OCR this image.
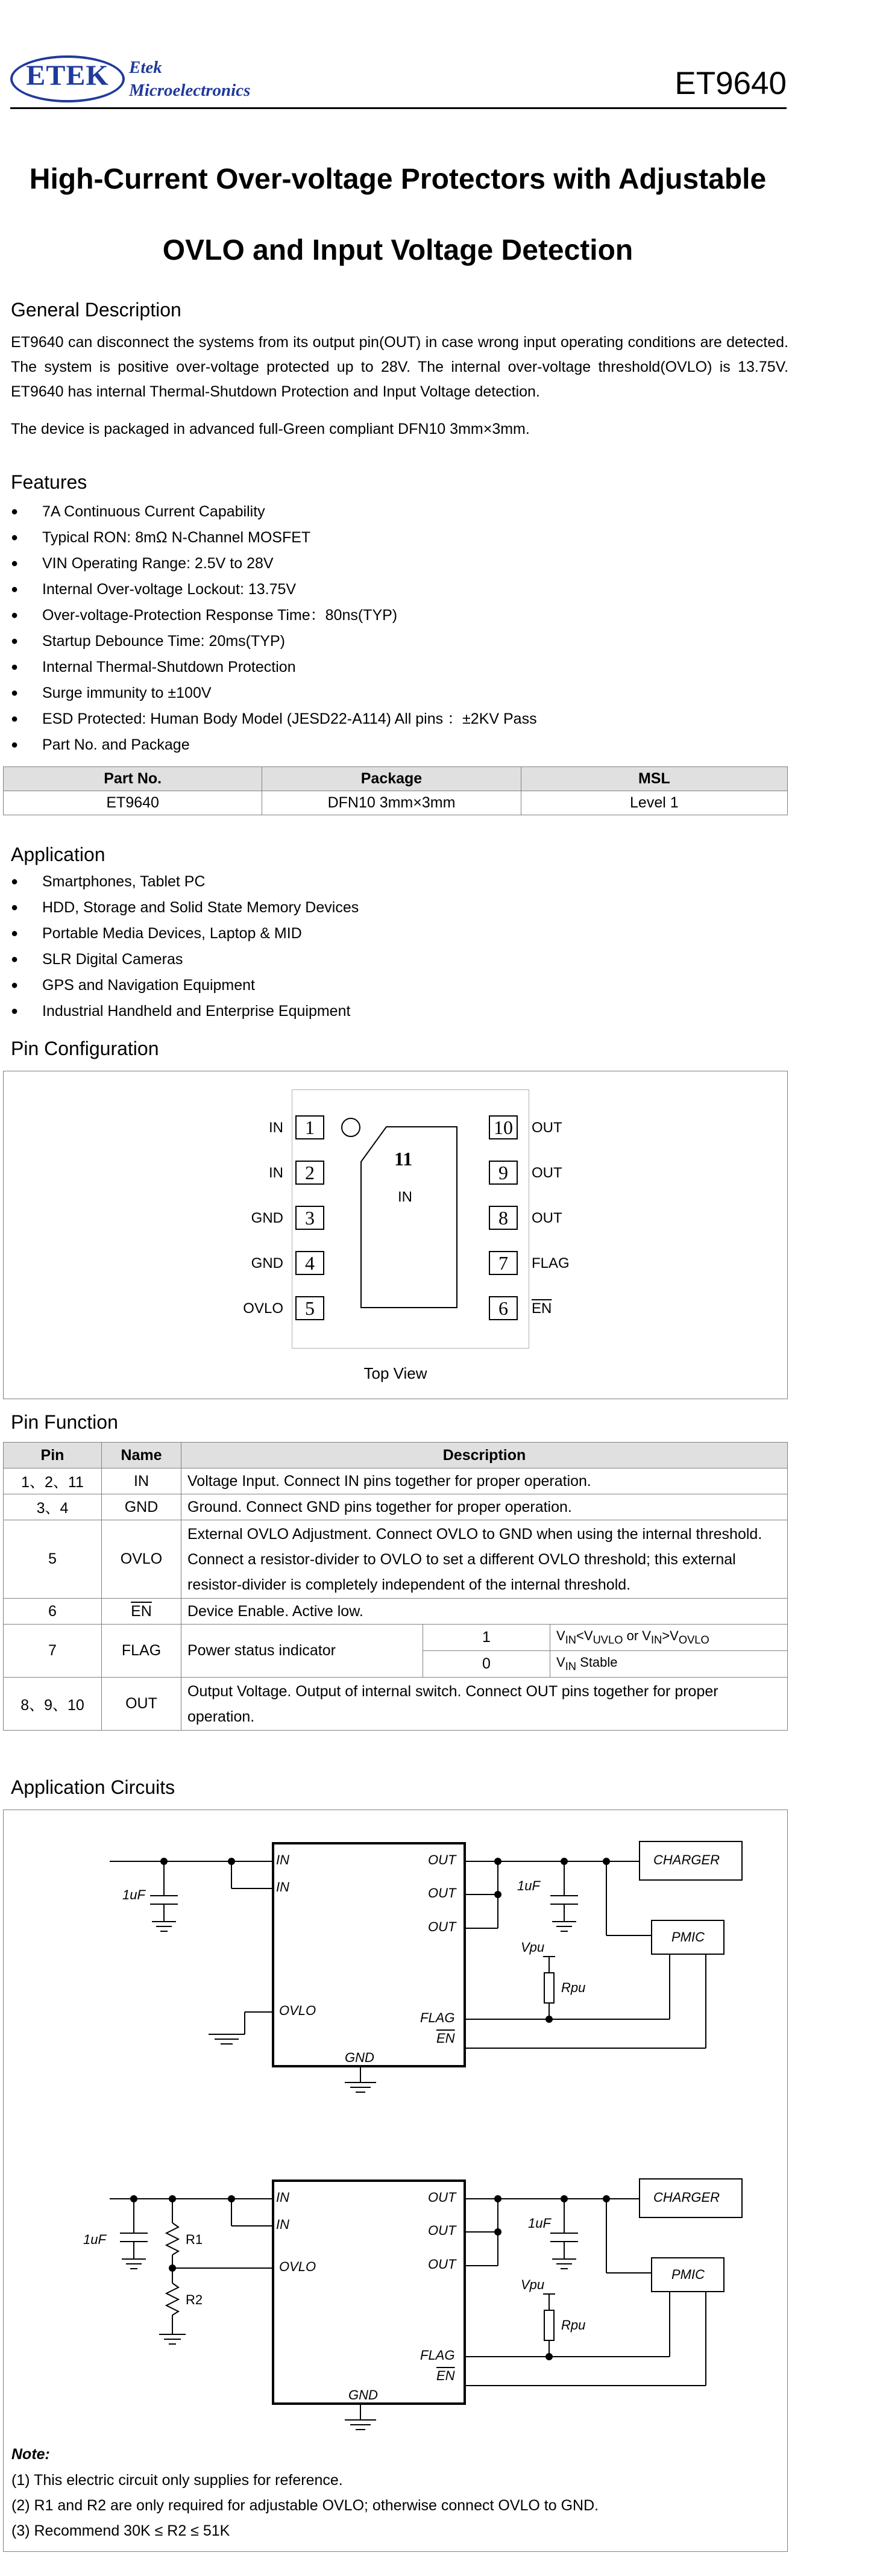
ETEK	Etek
Microelectronics	ET9640
High-Current Over-voltage Protectors with Adjustable
OVLO and Input Voltage Detection
General Description
ET9640 can disconnect the systems from its output pin(OUT) in case wrong input operating conditions are detected. The system is positive over-voltage protected up to 28V. The internal over-voltage threshold(OVLO) is 13.75V. ET9640 has internal Thermal-Shutdown Protection and Input Voltage detection.
The device is packaged in advanced full-Green compliant DFN10 3mm×3mm.
Features
● 7A Continuous Current Capability
● Typical RON: 8mΩ N-Channel MOSFET
● VIN Operating Range: 2.5V to 28V
● Internal Over-voltage Lockout: 13.75V
● Over-voltage-Protection Response Time：80ns(TYP)
● Startup Debounce Time: 20ms(TYP)
● Internal Thermal-Shutdown Protection
● Surge immunity to ±100V
● ESD Protected: Human Body Model (JESD22-A114) All pins ：±2KV Pass
● Part No. and Package
Part No.	Package	MSL
ET9640	DFN10 3mm×3mm	Level 1
Application
● Smartphones, Tablet PC
● HDD, Storage and Solid State Memory Devices
● Portable Media Devices, Laptop & MID
● SLR Digital Cameras
● GPS and Navigation Equipment
● Industrial Handheld and Enterprise Equipment
Pin Configuration
1
2
3
4
5
IN
IN
GND
GND
OVLO
10
9
8
7
6
OUT
OUT
OUT
FLAG
$\overline{EN}$
11
IN
Top View
Pin Function
Pin	Name	Description	
1、2、11	IN	Voltage Input. Connect IN pins together for proper operation.	
3、4	GND	Ground. Connect GND pins together for proper operation.	
5	OVLO	External OVLO Adjustment. Connect OVLO to GND when using the internal threshold. Connect a resistor-divider to OVLO to set a different OVLO threshold; this external resistor-divider is completely independent of the internal threshold.	
6	$\overline{EN}$	Device Enable. Active low.	
7	FLAG	Power status indicator	1 $V_{IN}<V_{UVLO}$ or $V_{IN}>V_{OVLO}$

			0 $V_{IN}$ Stable

8、9、10	OUT	Output Voltage. Output of internal switch. Connect OUT pins together for proper operation.	
Application Circuits
IN
IN
OUT
OUT
OUT
OVLO	FLAG
$\overline{EN}$
GND
1uF
1uF
CHARGER
PMIC
Vpu
Rpu
IN
IN
OUT
OUT
OUT
OVLO
FLAG
$\overline{EN}$
GND
1uF
1uF
CHARGER
PMIC
Vpu
Rpu
R1
R2
Note:
(1) This electric circuit only supplies for reference.
(2) R1 and R2 are only required for adjustable OVLO; otherwise connect OVLO to GND.
(3) Recommend 30K ≤ R2 ≤ 51K
